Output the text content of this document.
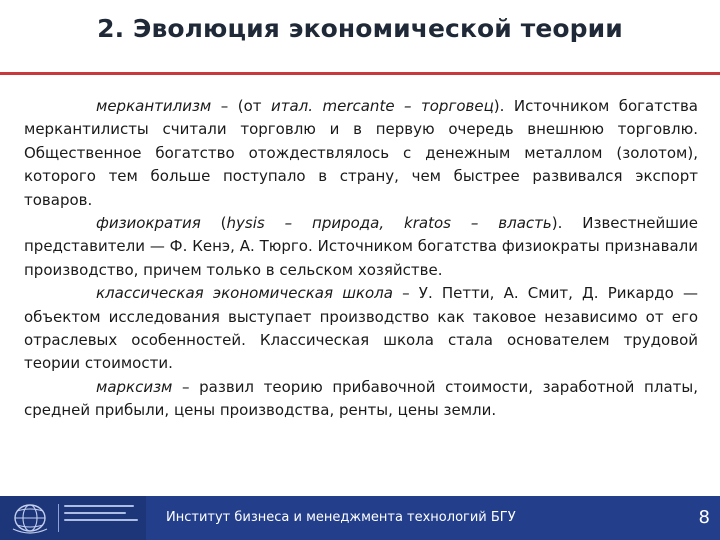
2. Эволюция экономической теории

меркантилизм – (от итал. mercante – торговец). Источником богатства меркантилисты считали торговлю и в первую очередь внешнюю торговлю. Общественное богатство отождествлялось с денежным металлом (золотом), которого тем больше поступало в страну, чем быстрее развивался экспорт товаров.

физиократия (hysis – природа, kratos – власть). Известнейшие представители — Ф. Кенэ, А. Тюрго. Источником богатства физиократы признавали производство, причем только в сельском хозяйстве.

классическая экономическая школа – У. Петти, А. Смит, Д. Рикардо — объектом исследования выступает производство как таковое независимо от его отраслевых особенностей. Классическая школа стала основателем трудовой теории стоимости.

марксизм – развил теорию прибавочной стоимости, заработной платы, средней прибыли, цены производства, ренты, цены земли.

Институт бизнеса и менеджмента технологий БГУ	8
